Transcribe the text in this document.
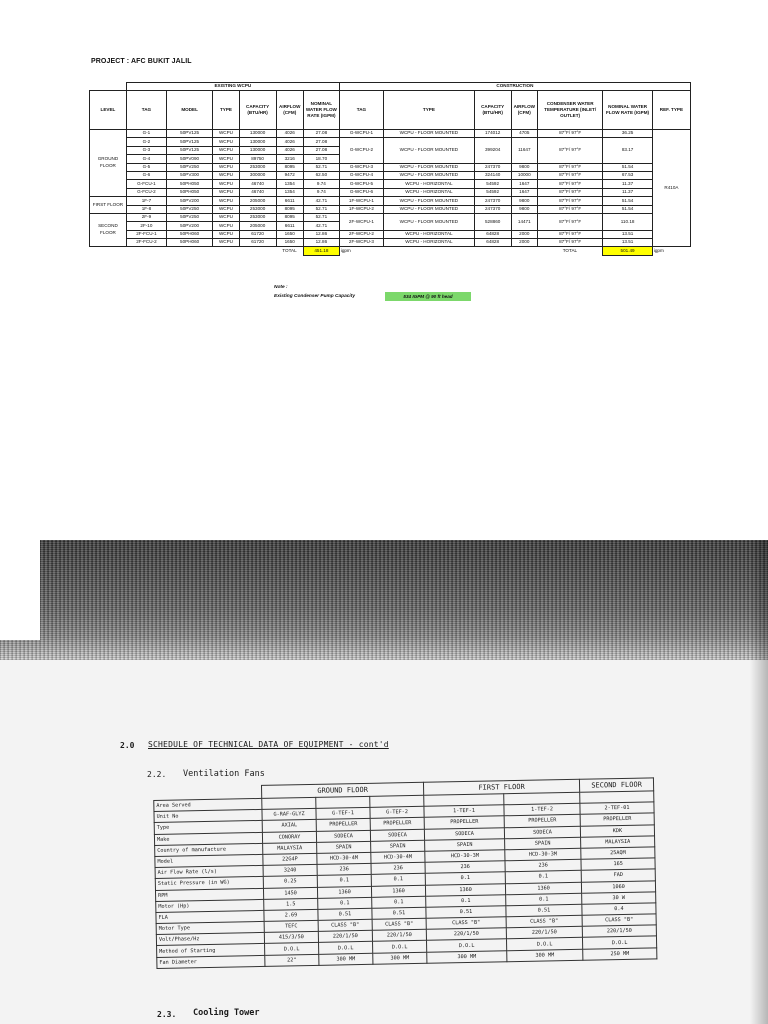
PROJECT : AFC BUKIT JALIL
	EXISTING WCPU						CONSTRUCTION						
LEVEL	TAG	MODEL	TYPE	CAPACITY (BTU/HR)	AIRFLOW (CFM)	NOMINAL WATER FLOW RATE (IGPM)	TAG	TYPE	CAPACITY (BTU/HR)	AIRFLOW (CFM)	CONDENSER WATER TEMPERATURE (INLET/ OUTLET)	NOMINAL WATER FLOW RATE (IGPM)	REF. TYPE
GROUND FLOOR	G-1	50PV125	WCPU	130000	4026	27.08	G-WCPU-1	WCPU - FLOOR MOUNTED	174012	4705	87°F/ 97°F	36.25	R410A
	G-2	50PV125	WCPU	130000	4026	27.08	G-WCPU-2	WCPU - FLOOR MOUNTED	399204	11647	87°F/ 97°F	83.17	
	G-3	50PV125	WCPU	130000	4026	27.08							
	G-4	50PV090	WCPU	89750	3216	18.70							
	G-5	50PV250	WCPU	253000	8095	52.71	G-WCPU-3	WCPU - FLOOR MOUNTED	247370	9800	87°F/ 97°F	51.54	
	G-6	50PV300	WCPU	300000	9472	62.50	G-WCPU-4	WCPU - FLOOR MOUNTED	324140	10000	87°F/ 97°F	67.53	
	G-FCU-1	50PH050	WCPU	46740	1354	9.74	G-WCPU-5	WCPU - HORIZONTAL	54592	1647	87°F/ 97°F	11.37	
	G-FCU-2	50PH050	WCPU	46740	1354	9.74	G-WCPU-6	WCPU - HORIZONTAL	54592	1647	87°F/ 97°F	11.37	
FIRST FLOOR	1F-7	50PV200	WCPU	205000	6611	42.71	1F-WCPU-1	WCPU - FLOOR MOUNTED	247370	9800	87°F/ 97°F	51.54	
	1F-8	50PV250	WCPU	253000	8095	52.71	1F-WCPU-2	WCPU - FLOOR MOUNTED	247370	9800	87°F/ 97°F	51.54	
SECOND FLOOR	2F-9	50PV250	WCPU	253000	8095	52.71	2F-WCPU-1	WCPU - FLOOR MOUNTED	528860	14471	87°F/ 97°F	110.18	
	2F-10	50PV200	WCPU	205000	6611	42.71							
	2F-FCU-1	50PH060	WCPU	61720	1650	12.86	2F-WCPU-2	WCPU - HORIZONTAL	64828	2000	87°F/ 97°F	13.51	
	2F-FCU-2	50PH060	WCPU	61720	1650	12.86	2F-WCPU-3	WCPU - HORIZONTAL	64828	2000	87°F/ 97°F	13.51	
					TOTAL	451.18	igpm				TOTAL	501.49	igpm
Note :
Existing Condenser Pump Capacity	534 IGPM @ 90 ft head
2.0 SCHEDULE OF TECHNICAL DATA OF EQUIPMENT - cont'd
2.2. Ventilation Fans
	GROUND FLOOR			FIRST FLOOR		SECOND FLOOR
Area Served						
Unit No	G-RAF-GLYZ	G-TEF-1	G-TEF-2	1-TEF-1	1-TEF-2	2-TEF-01
Type	AXIAL	PROPELLER	PROPELLER	PROPELLER	PROPELLER	PROPELLER
Make	CONORAY	SODECA	SODECA	SODECA	SODECA	KDK
Country of manufacture	MALAYSIA	SPAIN	SPAIN	SPAIN	SPAIN	MALAYSIA
Model	22G4P	HCD-30-4M	HCD-30-4M	HCD-30-3M	HCD-30-3M	25AQM
Air Flow Rate (l/s)	3240	236	236	236	236	165
Static Pressure (in WG)	0.25	0.1	0.1	0.1	0.1	FAD
RPM	1450	1360	1360	1360	1360	1060
Motor (Hp)	1.5	0.1	0.1	0.1	0.1	30 W
FLA	2.69	0.51	0.51	0.51	0.51	0.4
Motor Type	TEFC	CLASS "B"	CLASS "B"	CLASS "B"	CLASS "B"	CLASS "B"
Volt/Phase/Hz	415/3/50	220/1/50	220/1/50	220/1/50	220/1/50	220/1/50
Method of Starting	D.O.L	D.O.L	D.O.L	D.O.L	D.O.L	D.O.L
Fan Diameter	22"	300 MM	300 MM	300 MM	300 MM	250 MM
2.3. Cooling Tower
